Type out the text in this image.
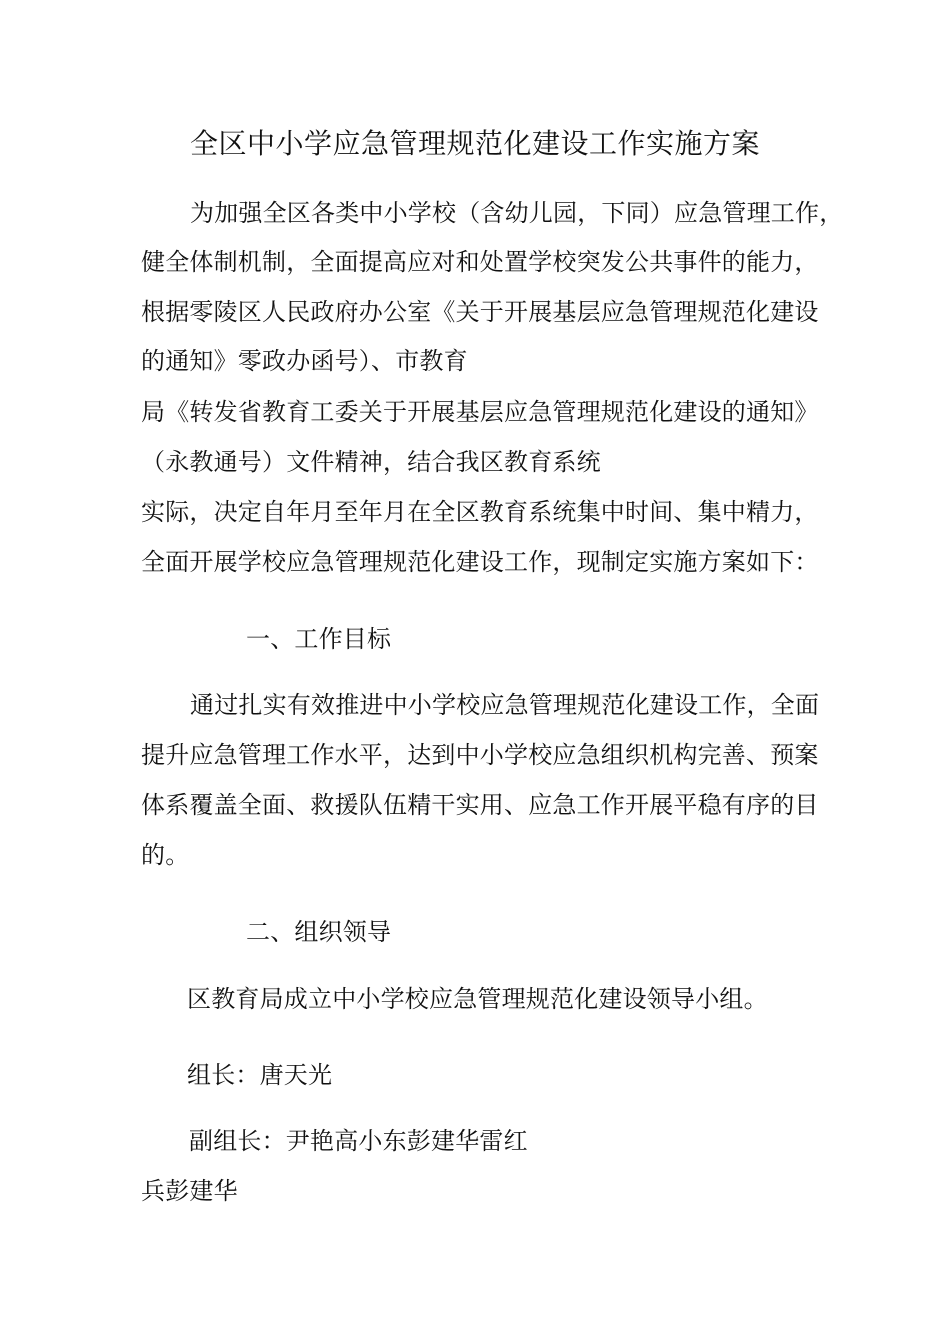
全区中小学应急管理规范化建设工作实施方案
为加强全区各类中小学校（含幼儿园，下同）应急管理工作，
健全体制机制，全面提高应对和处置学校突发公共事件的能力，
根据零陵区人民政府办公室《关于开展基层应急管理规范化建设
的通知》零政办函号）、市教育
局《转发省教育工委关于开展基层应急管理规范化建设的通知》
（永教通号）文件精神，结合我区教育系统
实际，决定自年月至年月在全区教育系统集中时间、集中精力，
全面开展学校应急管理规范化建设工作，现制定实施方案如下：
一、工作目标
通过扎实有效推进中小学校应急管理规范化建设工作，全面
提升应急管理工作水平，达到中小学校应急组织机构完善、预案
体系覆盖全面、救援队伍精干实用、应急工作开展平稳有序的目
的。
二、组织领导
区教育局成立中小学校应急管理规范化建设领导小组。
组长：唐天光
副组长：尹艳高小东彭建华雷红
兵彭建华
